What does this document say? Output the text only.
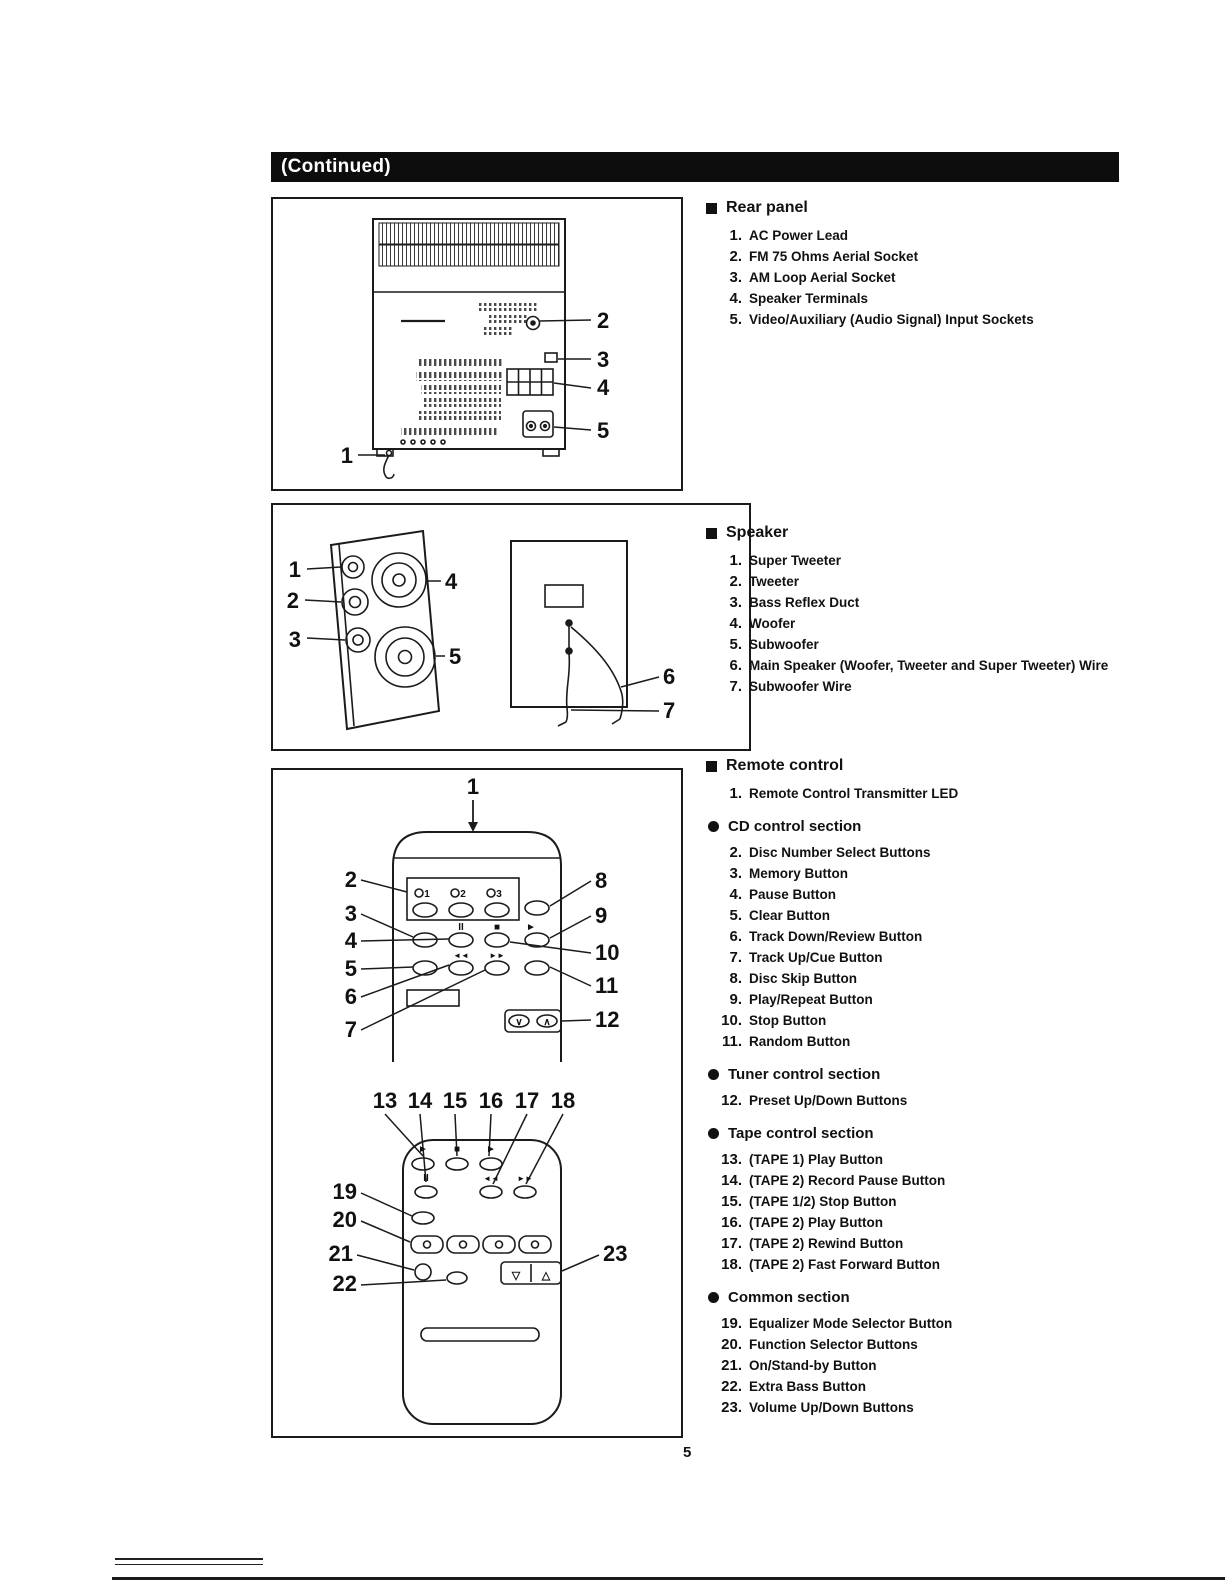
(Continued)
1
2
3
4
5
1
2
3
4
5
6
7
1
1	2	3
II	■	►
◄◄	►►
∨ ∧
2
3
4
5
6
7
8
9
10
11
12
13 14 15 16 17 18
►	■	►
II	◄◄ ►►
▽ △
19
20
21
22
23
Rear panel
1. AC Power Lead
2. FM 75 Ohms Aerial Socket
3. AM Loop Aerial Socket
4. Speaker Terminals
5. Video/Auxiliary (Audio Signal) Input Sockets
Speaker
1. Super Tweeter
2. Tweeter
3. Bass Reflex Duct
4. Woofer
5. Subwoofer
6. Main Speaker (Woofer, Tweeter and Super Tweeter) Wire
7. Subwoofer Wire
Remote control
1. Remote Control Transmitter LED
CD control section
2. Disc Number Select Buttons
3. Memory Button
4. Pause Button
5. Clear Button
6. Track Down/Review Button
7. Track Up/Cue Button
8. Disc Skip Button
9. Play/Repeat Button
10. Stop Button
11. Random Button
Tuner control section
12. Preset Up/Down Buttons
Tape control section
13. (TAPE 1) Play Button
14. (TAPE 2) Record Pause Button
15. (TAPE 1/2) Stop Button
16. (TAPE 2) Play Button
17. (TAPE 2) Rewind Button
18. (TAPE 2) Fast Forward Button
Common section
19. Equalizer Mode Selector Button
20. Function Selector Buttons
21. On/Stand-by Button
22. Extra Bass Button
23. Volume Up/Down Buttons
5
